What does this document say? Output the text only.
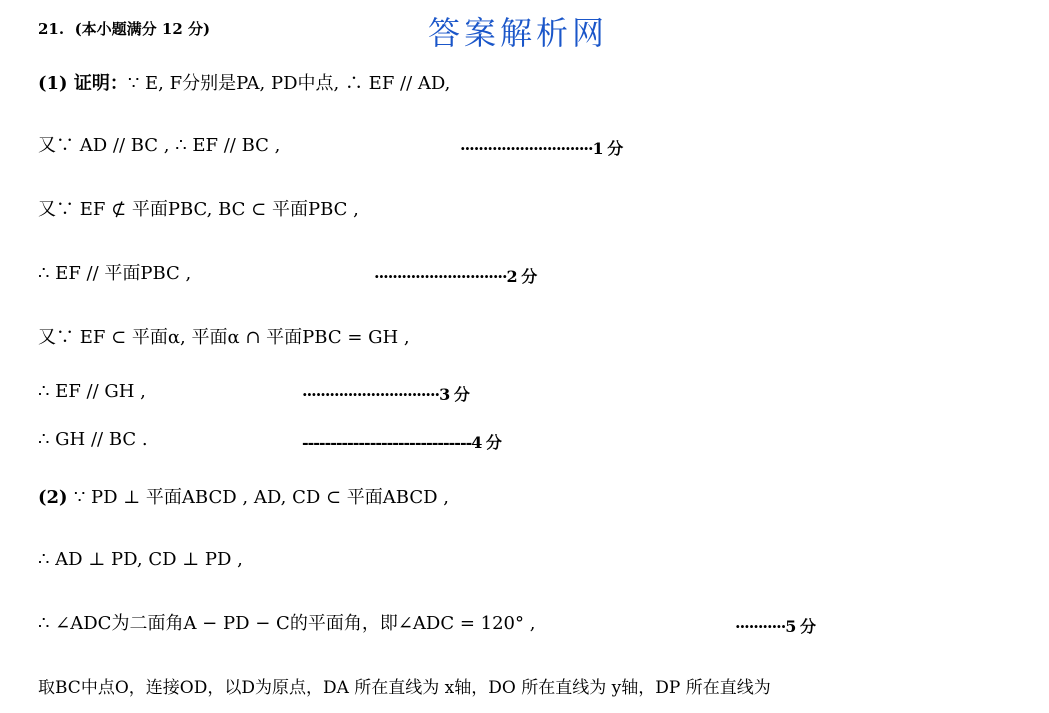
21. (本小题满分 12 分)	答案解析网
(1) 证明：∵ E, F分别是PA, PD中点, ∴ EF // AD,
又∵ AD // BC , ∴ EF // BC ,	·····························1 分
又∵ EF ⊄ 平面PBC, BC ⊂ 平面PBC ,
∴ EF // 平面PBC ,	·····························2 分
又∵ EF ⊂ 平面α, 平面α ∩ 平面PBC = GH ,
∴ EF // GH ,	······························3 分
∴ GH // BC .	------------------------------4 分
(2) ∵ PD ⊥ 平面ABCD , AD, CD ⊂ 平面ABCD ,
∴ AD ⊥ PD, CD ⊥ PD ,
∴ ∠ADC为二面角A − PD − C的平面角，即∠ADC = 120° ,	···········5 分
取BC中点O，连接OD，以D为原点，DA 所在直线为 x轴，DO 所在直线为 y轴，DP 所在直线为
